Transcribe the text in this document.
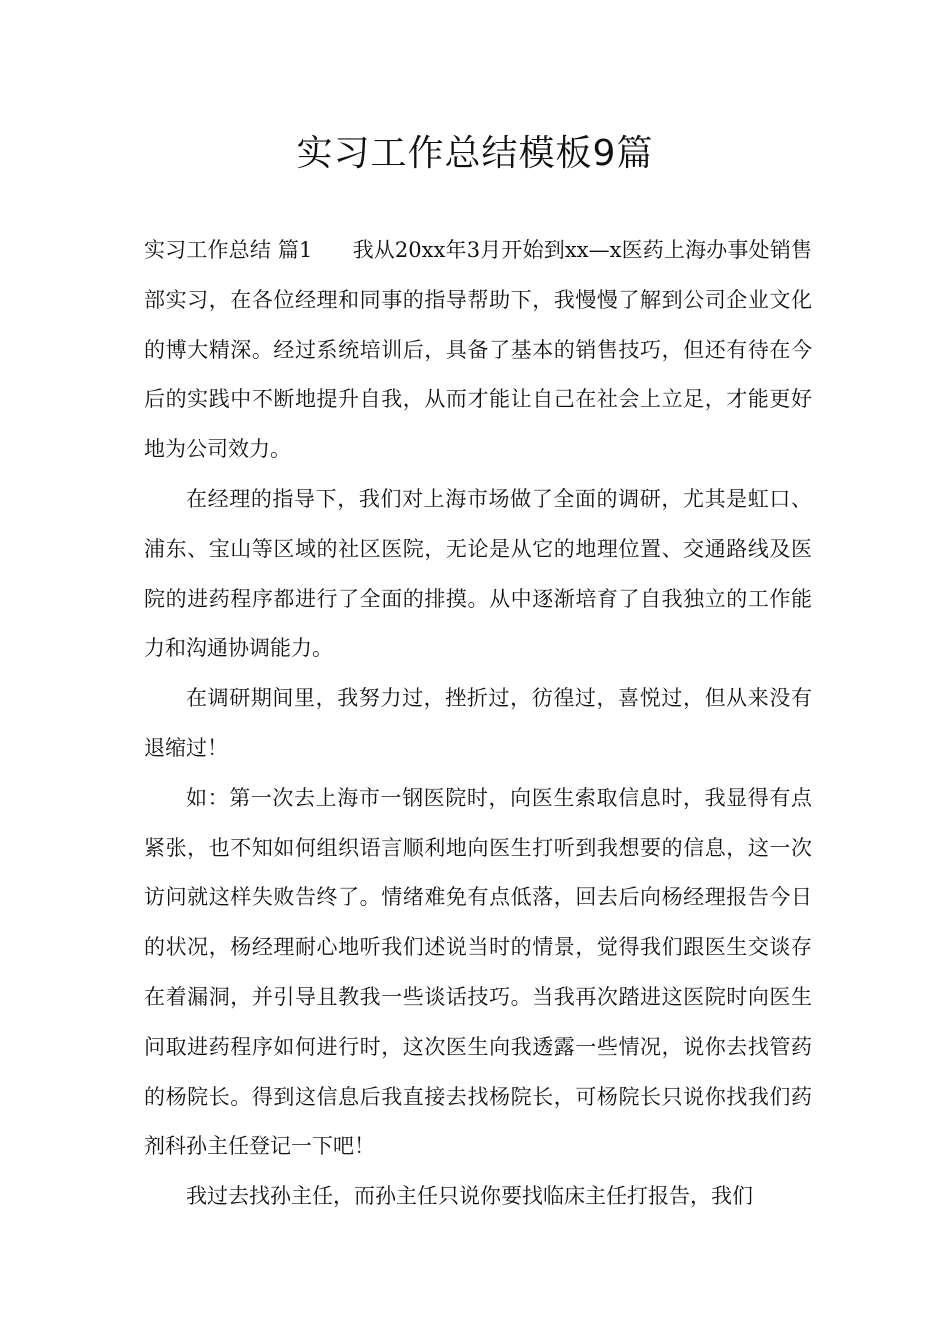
实习工作总结模板9篇

实习工作总结 篇1 我从20xx年3月开始到xx—x医药上海办事处销售部实习，在各位经理和同事的指导帮助下，我慢慢了解到公司企业文化的博大精深。经过系统培训后，具备了基本的销售技巧，但还有待在今后的实践中不断地提升自我，从而才能让自己在社会上立足，才能更好地为公司效力。

在经理的指导下，我们对上海市场做了全面的调研，尤其是虹口、浦东、宝山等区域的社区医院，无论是从它的地理位置、交通路线及医院的进药程序都进行了全面的排摸。从中逐渐培育了自我独立的工作能力和沟通协调能力。

在调研期间里，我努力过，挫折过，彷徨过，喜悦过，但从来没有退缩过！

如：第一次去上海市一钢医院时，向医生索取信息时，我显得有点紧张，也不知如何组织语言顺利地向医生打听到我想要的信息，这一次访问就这样失败告终了。情绪难免有点低落，回去后向杨经理报告今日的状况，杨经理耐心地听我们述说当时的情景，觉得我们跟医生交谈存在着漏洞，并引导且教我一些谈话技巧。当我再次踏进这医院时向医生问取进药程序如何进行时，这次医生向我透露一些情况，说你去找管药的杨院长。得到这信息后我直接去找杨院长，可杨院长只说你找我们药剂科孙主任登记一下吧！

我过去找孙主任，而孙主任只说你要找临床主任打报告，我们
